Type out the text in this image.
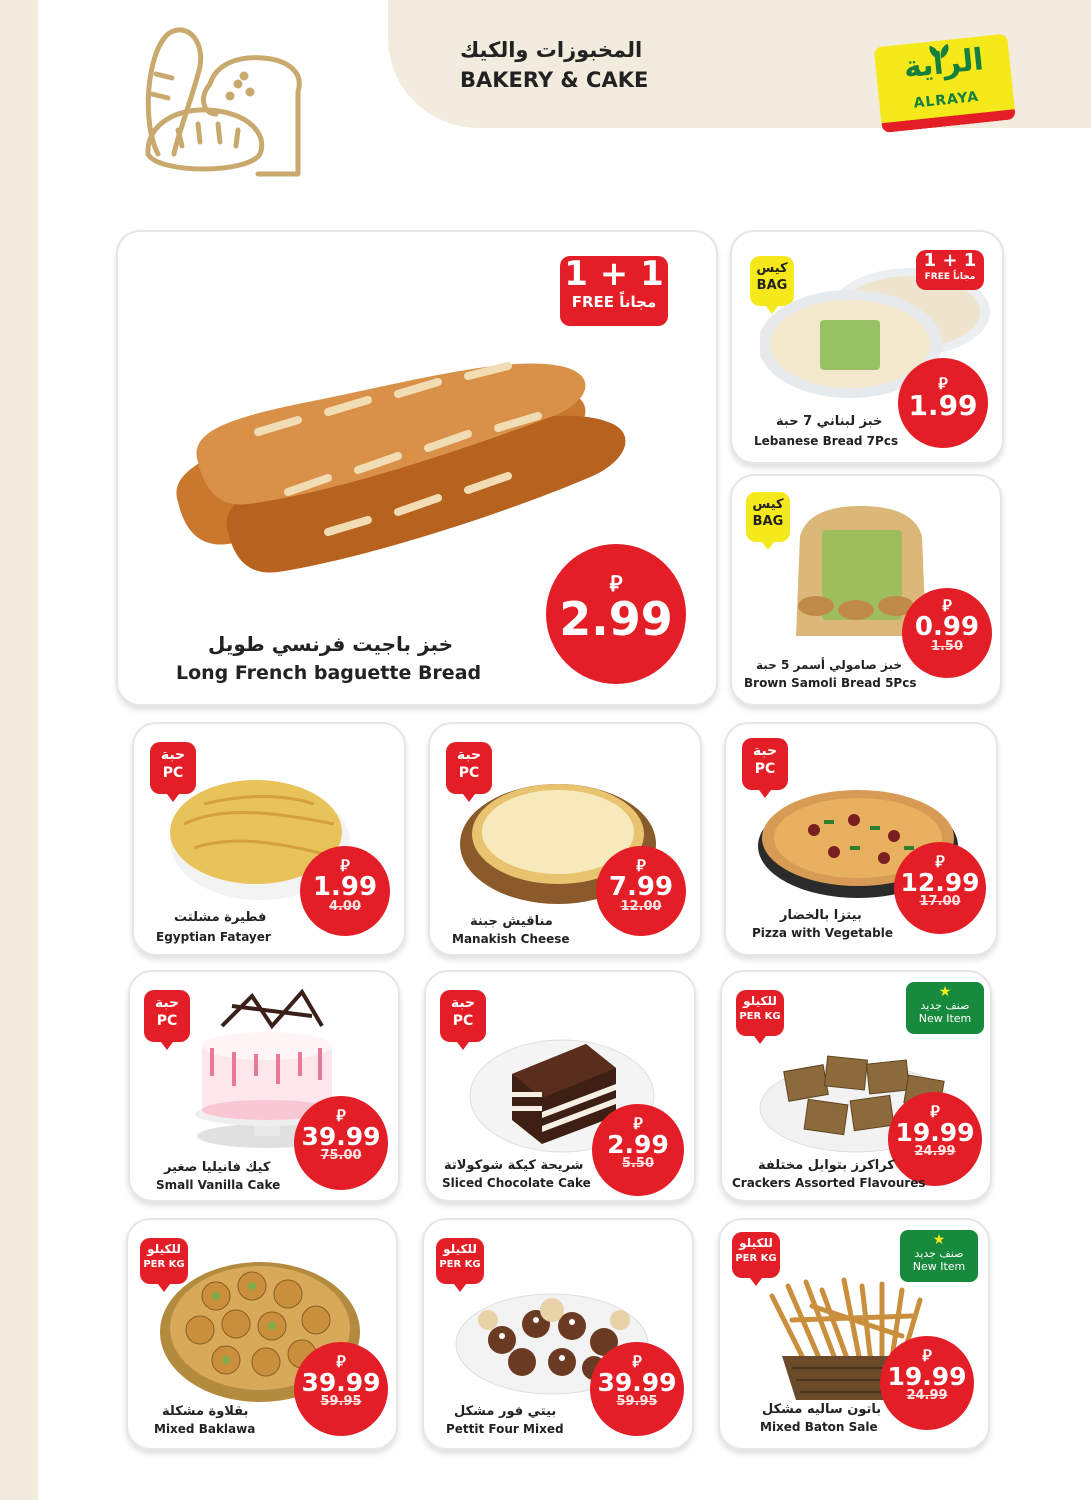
المخبوزات والكيك
BAKERY & CAKE	الراية
ALRAYA
1 + 1
FREE مجاناً
⃁
2.99
خبز باجيت فرنسي طويل
Long French baguette Bread
كيس
BAG
1 + 1
FREE مجاناً
⃁
1.99
خبز لبناني 7 حبة
Lebanese Bread 7Pcs
كيس
BAG
⃁
0.99
1.50
خبز صامولي أسمر 5 حبة
Brown Samoli Bread 5Pcs
حبة
PC
⃁
1.99
4.00
فطيرة مشلتت
Egyptian Fatayer
حبة
PC
⃁
7.99
12.00
مناقيش جبنة
Manakish Cheese
حبة
PC
⃁
12.99
17.00
بيتزا بالخضار
Pizza with Vegetable
حبة
PC
⃁
39.99
75.00
كيك فانيليا صغير
Small Vanilla Cake
حبة
PC
⃁
2.99
5.50
شريحة كيكة شوكولاتة
Sliced Chocolate Cake
للكيلو
PER KG
★
صنف جديد
New Item
⃁
19.99
24.99
كراكرز بتوابل مختلفة
Crackers Assorted Flavoures
للكيلو
PER KG
⃁
39.99
59.95
بقلاوة مشكلة
Mixed Baklawa
للكيلو
PER KG
⃁
39.99
59.95
بيتي فور مشكل
Pettit Four Mixed
للكيلو
PER KG
★
صنف جديد
New Item
⃁
19.99
24.99
باتون ساليه مشكل
Mixed Baton Sale
